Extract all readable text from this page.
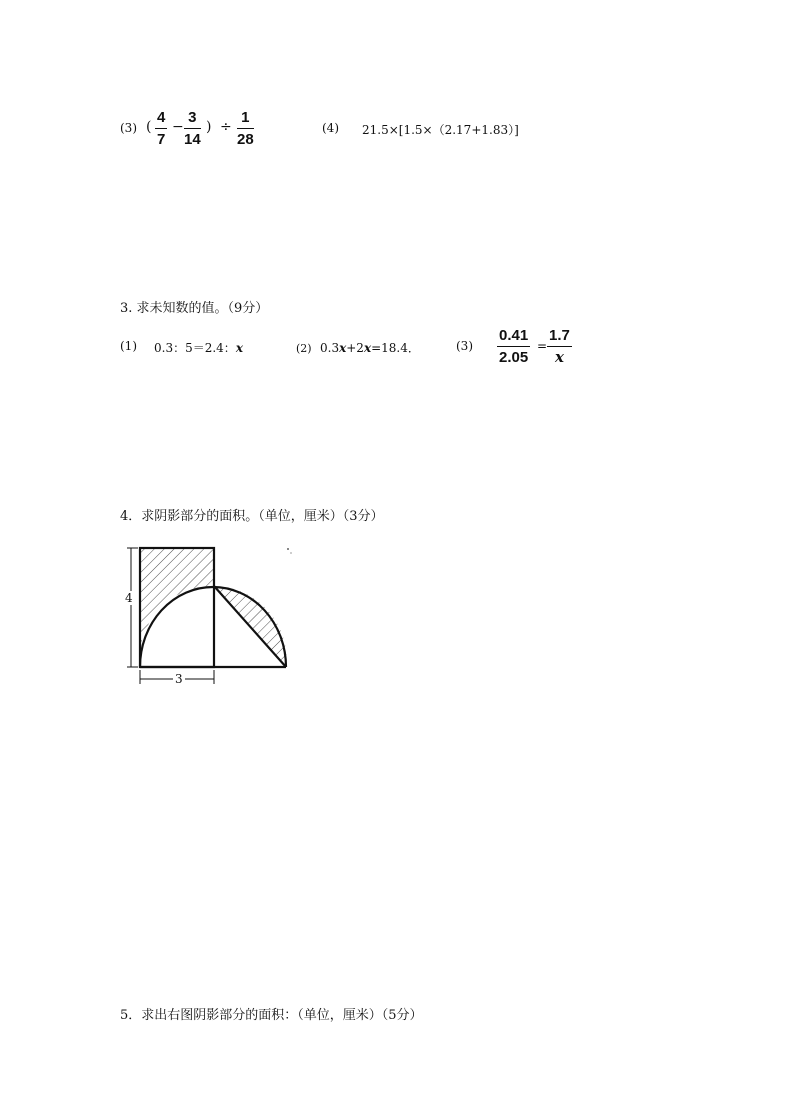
(3) (
4
7
−
3
14
) ÷
1
28
(4) 21.5×[1.5×（2.17+1.83）]
3. 求未知数的值。（9分）
(1) 0.3：5＝2.4：x	(2) 0.3x+2x=18.4．	(3)
0.41
2.05
=
1.7
x
4．求阴影部分的面积。（单位，厘米）（3分）
4
3
5．求出右图阴影部分的面积：（单位，厘米）（5分）
